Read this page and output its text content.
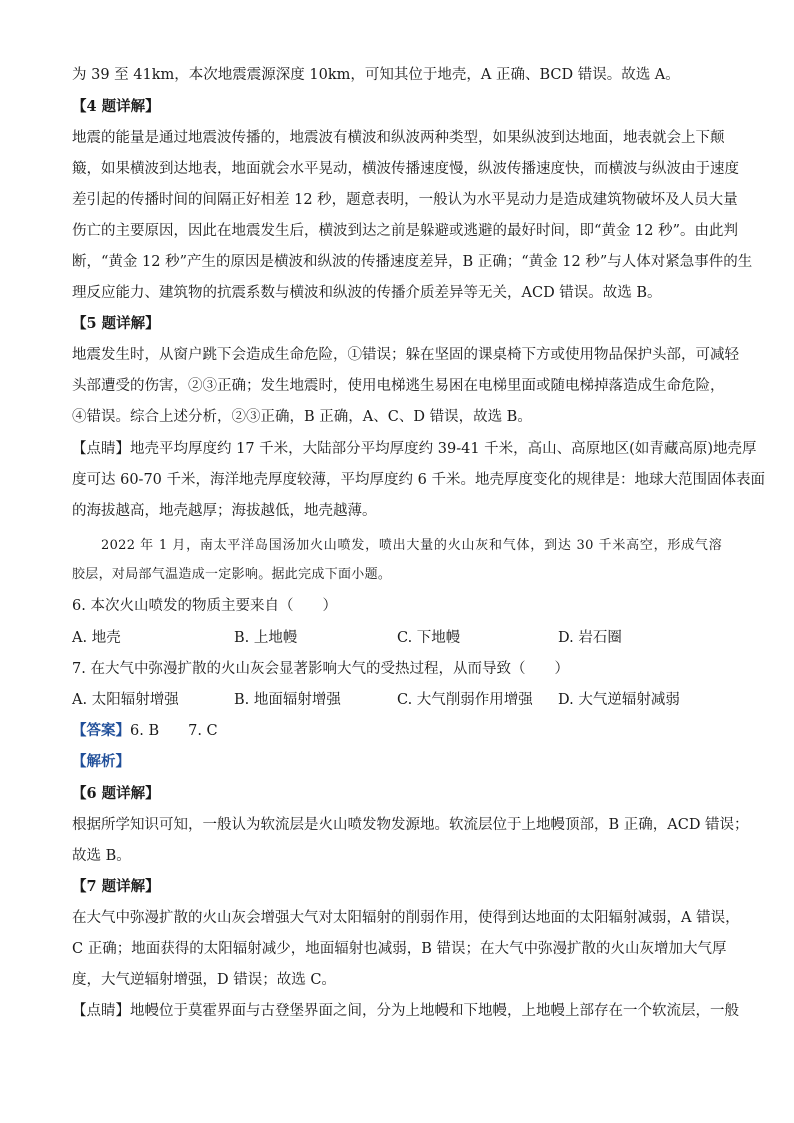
为 39 至 41km，本次地震震源深度 10km，可知其位于地壳，A 正确、BCD 错误。故选 A。
【4 题详解】
地震的能量是通过地震波传播的，地震波有横波和纵波两种类型，如果纵波到达地面，地表就会上下颠
簸，如果横波到达地表，地面就会水平晃动，横波传播速度慢，纵波传播速度快，而横波与纵波由于速度
差引起的传播时间的间隔正好相差 12 秒，题意表明，一般认为水平晃动力是造成建筑物破坏及人员大量
伤亡的主要原因，因此在地震发生后，横波到达之前是躲避或逃避的最好时间，即“黄金 12 秒”。由此判
断，“黄金 12 秒”产生的原因是横波和纵波的传播速度差异，B 正确；“黄金 12 秒”与人体对紧急事件的生
理反应能力、建筑物的抗震系数与横波和纵波的传播介质差异等无关，ACD 错误。故选 B。
【5 题详解】
地震发生时，从窗户跳下会造成生命危险，①错误；躲在坚固的课桌椅下方或使用物品保护头部，可减轻
头部遭受的伤害，②③正确；发生地震时，使用电梯逃生易困在电梯里面或随电梯掉落造成生命危险，
④错误。综合上述分析，②③正确，B 正确，A、C、D 错误，故选 B。
【点睛】地壳平均厚度约 17 千米，大陆部分平均厚度约 39-41 千米，高山、高原地区(如青藏高原)地壳厚
度可达 60-70 千米，海洋地壳厚度较薄，平均厚度约 6 千米。地壳厚度变化的规律是：地球大范围固体表面
的海拔越高，地壳越厚；海拔越低，地壳越薄。
2022 年 1 月，南太平洋岛国汤加火山喷发，喷出大量的火山灰和气体，到达 30 千米高空，形成气溶
胶层，对局部气温造成一定影响。据此完成下面小题。
6. 本次火山喷发的物质主要来自（　　）
A. 地壳	B. 上地幔	C. 下地幔	D. 岩石圈
7. 在大气中弥漫扩散的火山灰会显著影响大气的受热过程，从而导致（　　）
A. 太阳辐射增强	B. 地面辐射增强	C. 大气削弱作用增强 D. 大气逆辐射减弱
【答案】6. B　　7. C
【解析】
【6 题详解】
根据所学知识可知，一般认为软流层是火山喷发物发源地。软流层位于上地幔顶部，B 正确，ACD 错误；
故选 B。
【7 题详解】
在大气中弥漫扩散的火山灰会增强大气对太阳辐射的削弱作用，使得到达地面的太阳辐射减弱，A 错误，
C 正确；地面获得的太阳辐射减少，地面辐射也减弱，B 错误；在大气中弥漫扩散的火山灰增加大气厚
度，大气逆辐射增强，D 错误；故选 C。
【点睛】地幔位于莫霍界面与古登堡界面之间，分为上地幔和下地幔，上地幔上部存在一个软流层，一般
